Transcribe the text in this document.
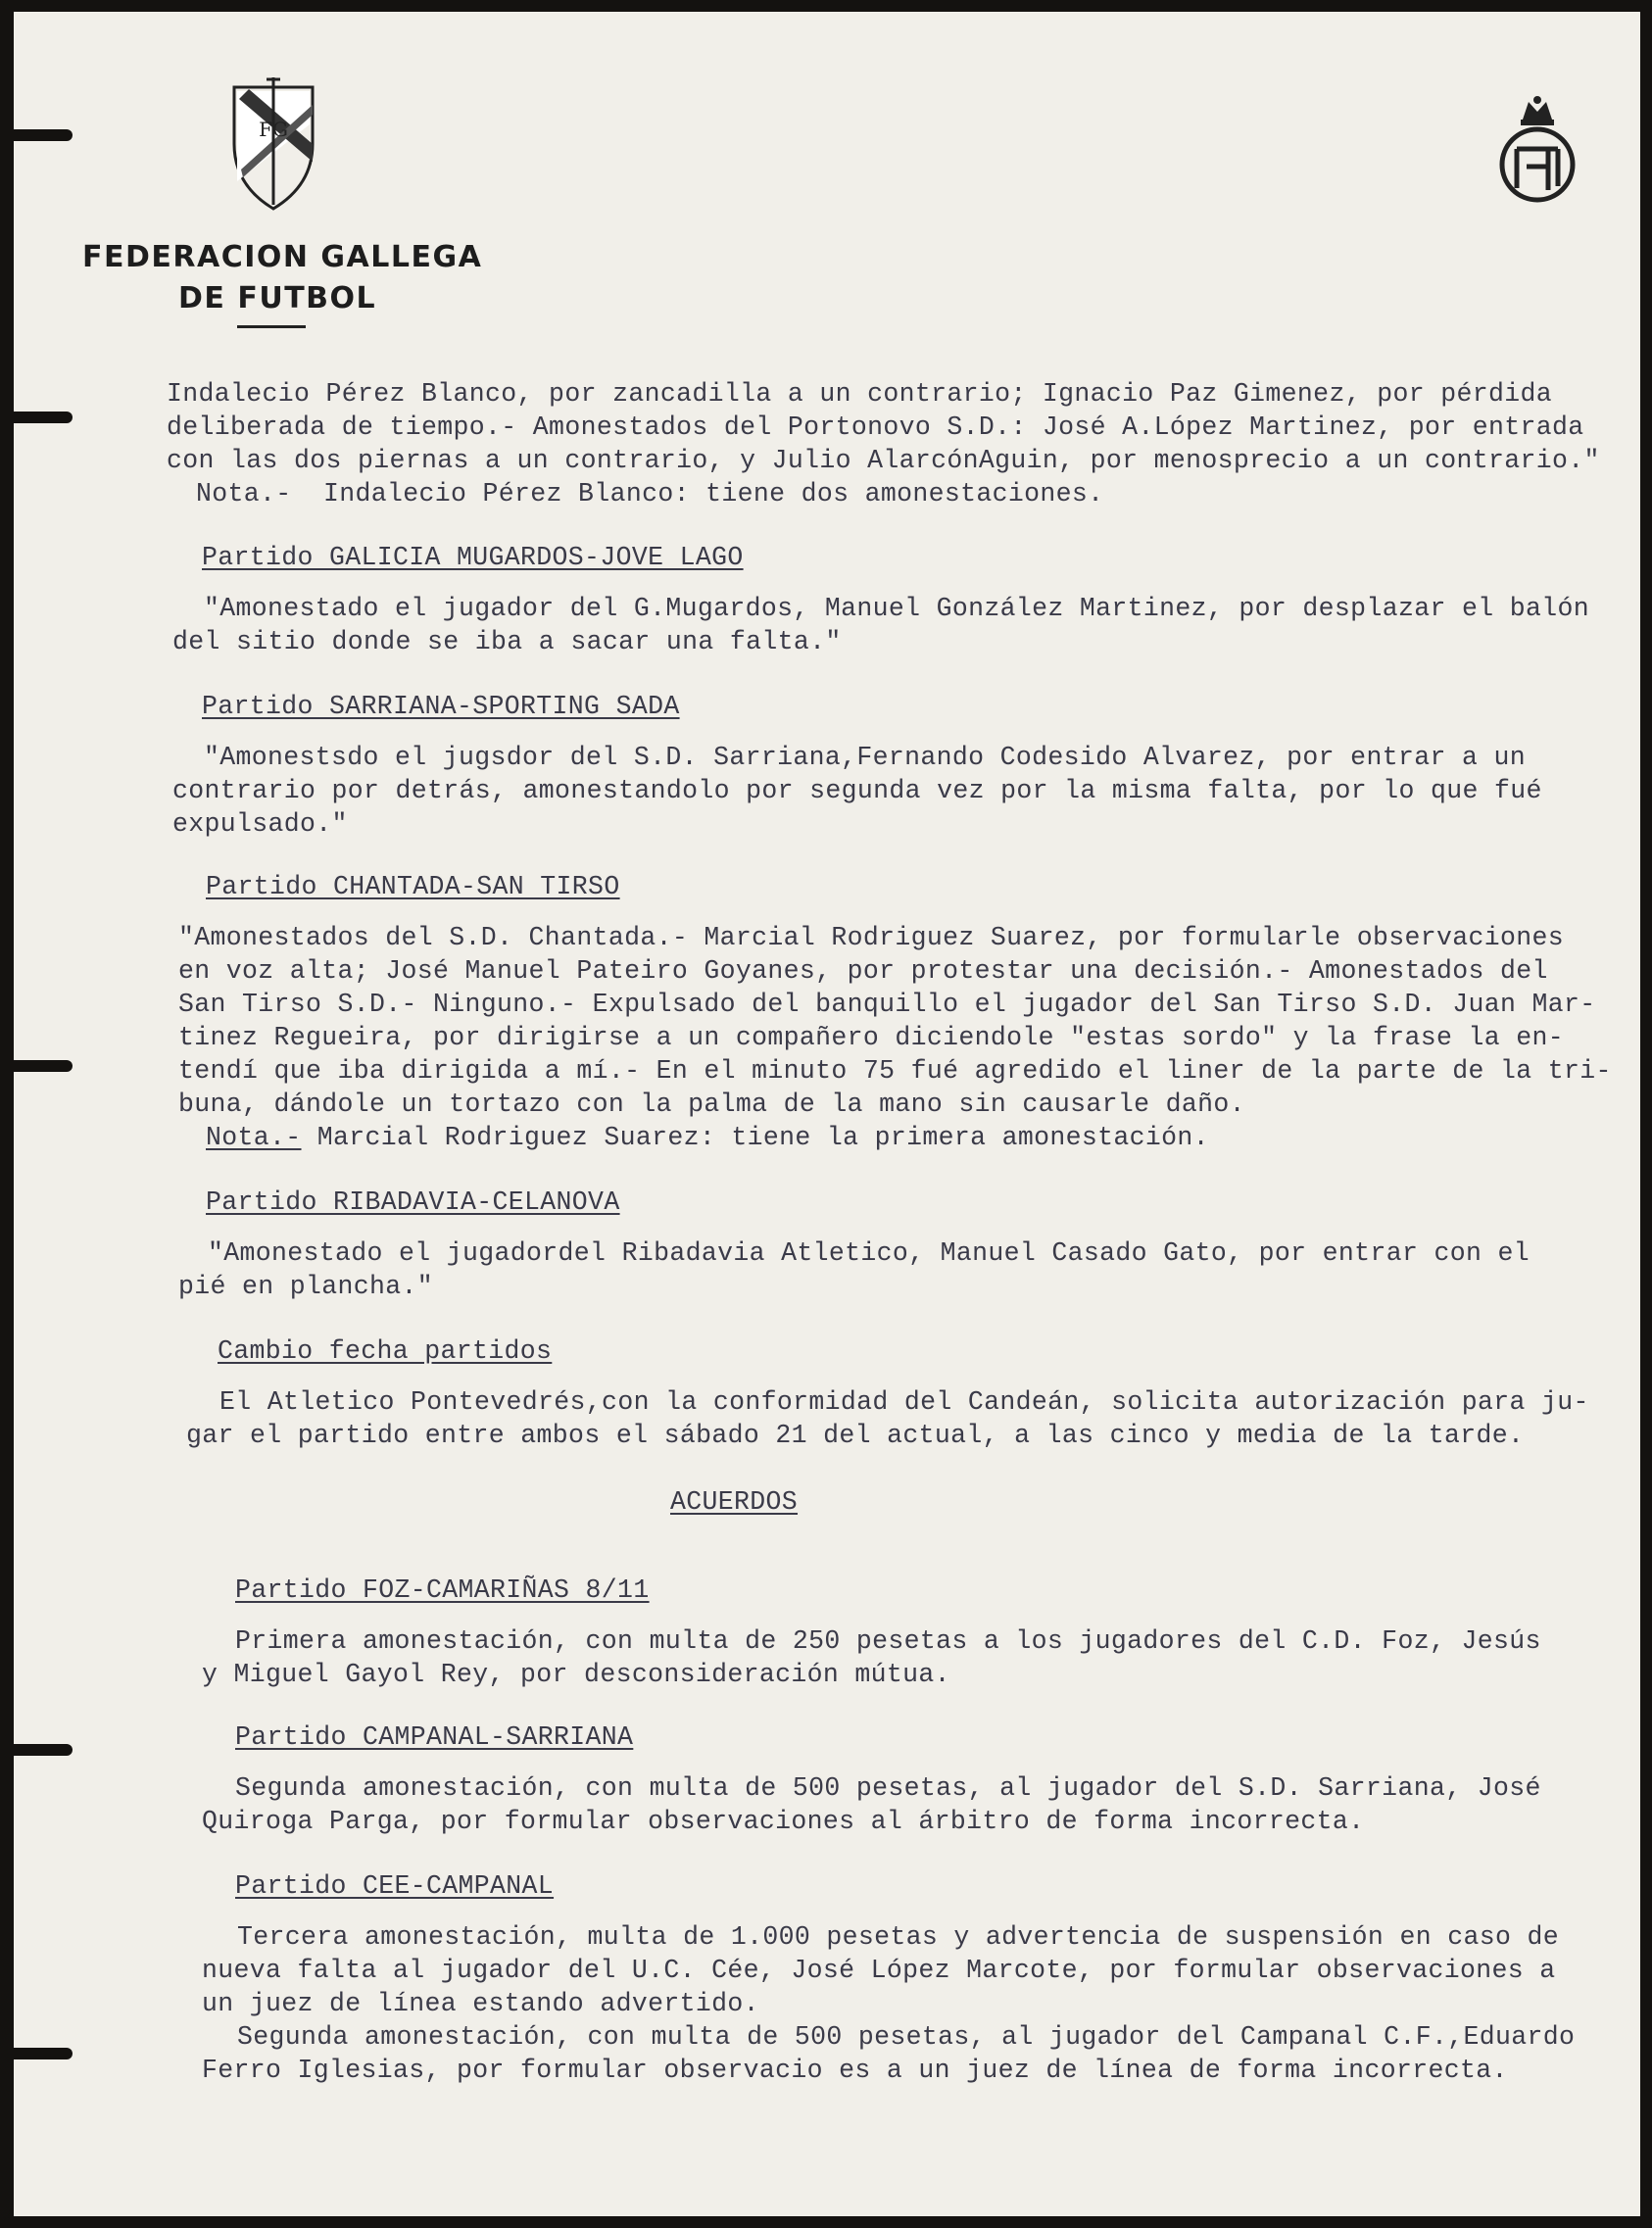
FG
FEDERACION GALLEGA
DE FUTBOL
Indalecio Pérez Blanco, por zancadilla a un contrario; Ignacio Paz Gimenez, por pérdida
deliberada de tiempo.- Amonestados del Portonovo S.D.: José A.López Martinez, por entrada
con las dos piernas a un contrario, y Julio AlarcónAguin, por menosprecio a un contrario."
Nota.-  Indalecio Pérez Blanco: tiene dos amonestaciones.
Partido GALICIA MUGARDOS-JOVE LAGO
"Amonestado el jugador del G.Mugardos, Manuel González Martinez, por desplazar el balón
del sitio donde se iba a sacar una falta."
Partido SARRIANA-SPORTING SADA
"Amonestsdo el jugsdor del S.D. Sarriana,Fernando Codesido Alvarez, por entrar a un
contrario por detrás, amonestandolo por segunda vez por la misma falta, por lo que fué
expulsado."
Partido CHANTADA-SAN TIRSO
"Amonestados del S.D. Chantada.- Marcial Rodriguez Suarez, por formularle observaciones
en voz alta; José Manuel Pateiro Goyanes, por protestar una decisión.- Amonestados del
San Tirso S.D.- Ninguno.- Expulsado del banquillo el jugador del San Tirso S.D. Juan Mar-
tinez Regueira, por dirigirse a un compañero diciendole "estas sordo" y la frase la en-
tendí que iba dirigida a mí.- En el minuto 75 fué agredido el liner de la parte de la tri-
buna, dándole un tortazo con la palma de la mano sin causarle daño.
Nota.- Marcial Rodriguez Suarez: tiene la primera amonestación.
Partido RIBADAVIA-CELANOVA
"Amonestado el jugadordel Ribadavia Atletico, Manuel Casado Gato, por entrar con el
pié en plancha."
Cambio fecha partidos
El Atletico Pontevedrés,con la conformidad del Candeán, solicita autorización para ju-
gar el partido entre ambos el sábado 21 del actual, a las cinco y media de la tarde.
ACUERDOS
Partido FOZ-CAMARIÑAS 8/11
Primera amonestación, con multa de 250 pesetas a los jugadores del C.D. Foz, Jesús
y Miguel Gayol Rey, por desconsideración mútua.
Partido CAMPANAL-SARRIANA
Segunda amonestación, con multa de 500 pesetas, al jugador del S.D. Sarriana, José
Quiroga Parga, por formular observaciones al árbitro de forma incorrecta.
Partido CEE-CAMPANAL
Tercera amonestación, multa de 1.000 pesetas y advertencia de suspensión en caso de
nueva falta al jugador del U.C. Cée, José López Marcote, por formular observaciones a
un juez de línea estando advertido.
Segunda amonestación, con multa de 500 pesetas, al jugador del Campanal C.F.,Eduardo
Ferro Iglesias, por formular observacio es a un juez de línea de forma incorrecta.
